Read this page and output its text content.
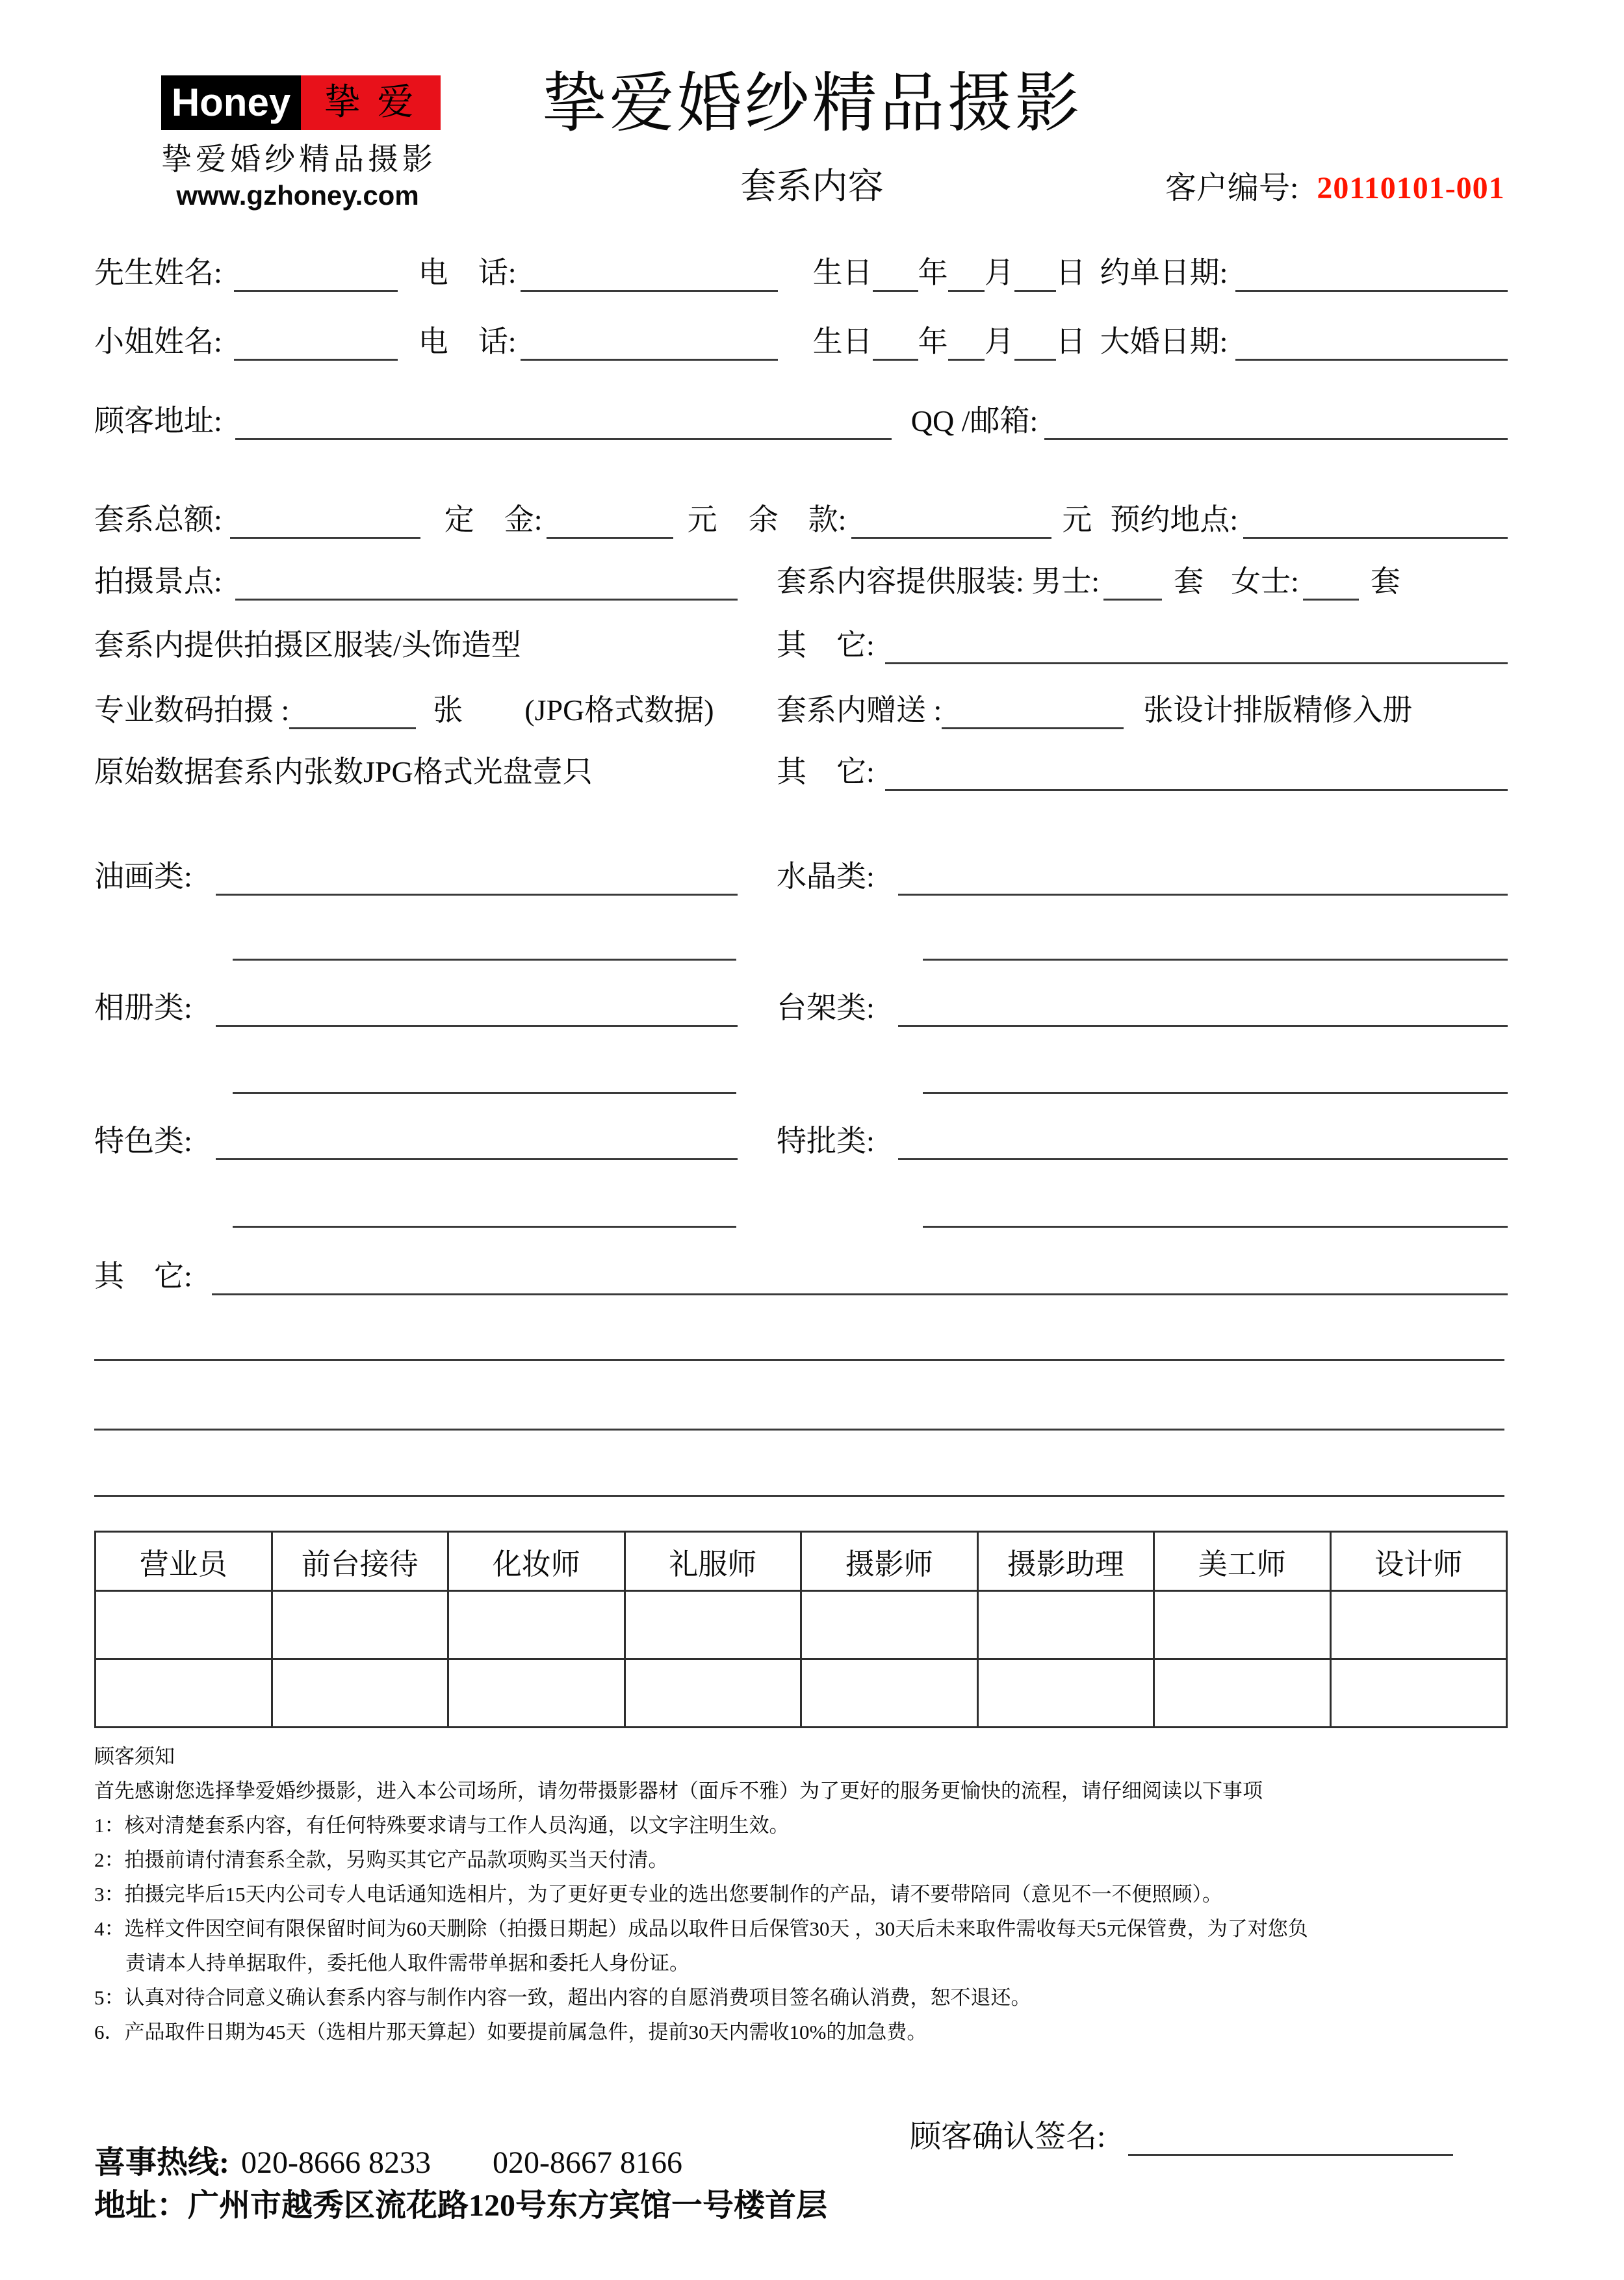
Honey 挚 爱
挚爱婚纱精品摄影
www.gzhoney.com
挚爱婚纱精品摄影
套系内容	客户编号: 20110101-001
先生姓名:	电　话:	生日 年 月 日 约单日期:
小姐姓名:	电　话:	生日 年 月 日 大婚日期:
顾客地址:	QQ /邮箱:
套系总额:	定　金:	元 余　款:	元 预约地点:
拍摄景点:	套系内容提供服装: 男士: 套 女士: 套
套系内提供拍摄区服装/头饰造型	其　它:
专业数码拍摄 :	张 (JPG格式数据) 套系内赠送 :	张设计排版精修入册
原始数据套系内张数JPG格式光盘壹只	其　它:
油画类:	水晶类:
相册类:	台架类:
特色类:	特批类:
其　它:
营业员	前台接待	化妆师	礼服师	摄影师	摄影助理	美工师	设计师

顾客须知
首先感谢您选择挚爱婚纱摄影，进入本公司场所，请勿带摄影器材（面斥不雅）为了更好的服务更愉快的流程，请仔细阅读以下事项
1：核对清楚套系内容，有任何特殊要求请与工作人员沟通，以文字注明生效。
2：拍摄前请付清套系全款，另购买其它产品款项购买当天付清。
3：拍摄完毕后15天内公司专人电话通知选相片，为了更好更专业的选出您要制作的产品，请不要带陪同（意见不一不便照顾）。
4：选样文件因空间有限保留时间为60天删除（拍摄日期起）成品以取件日后保管30天 ，30天后未来取件需收每天5元保管费，为了对您负
责请本人持单据取件，委托他人取件需带单据和委托人身份证。
5：认真对待合同意义确认套系内容与制作内容一致，超出内容的自愿消费项目签名确认消费，恕不退还。
6．产品取件日期为45天（选相片那天算起）如要提前属急件，提前30天内需收10%的加急费。
顾客确认签名:
喜事热线: 020-8666 8233 020-8667 8166
地址：广州市越秀区流花路120号东方宾馆一号楼首层
